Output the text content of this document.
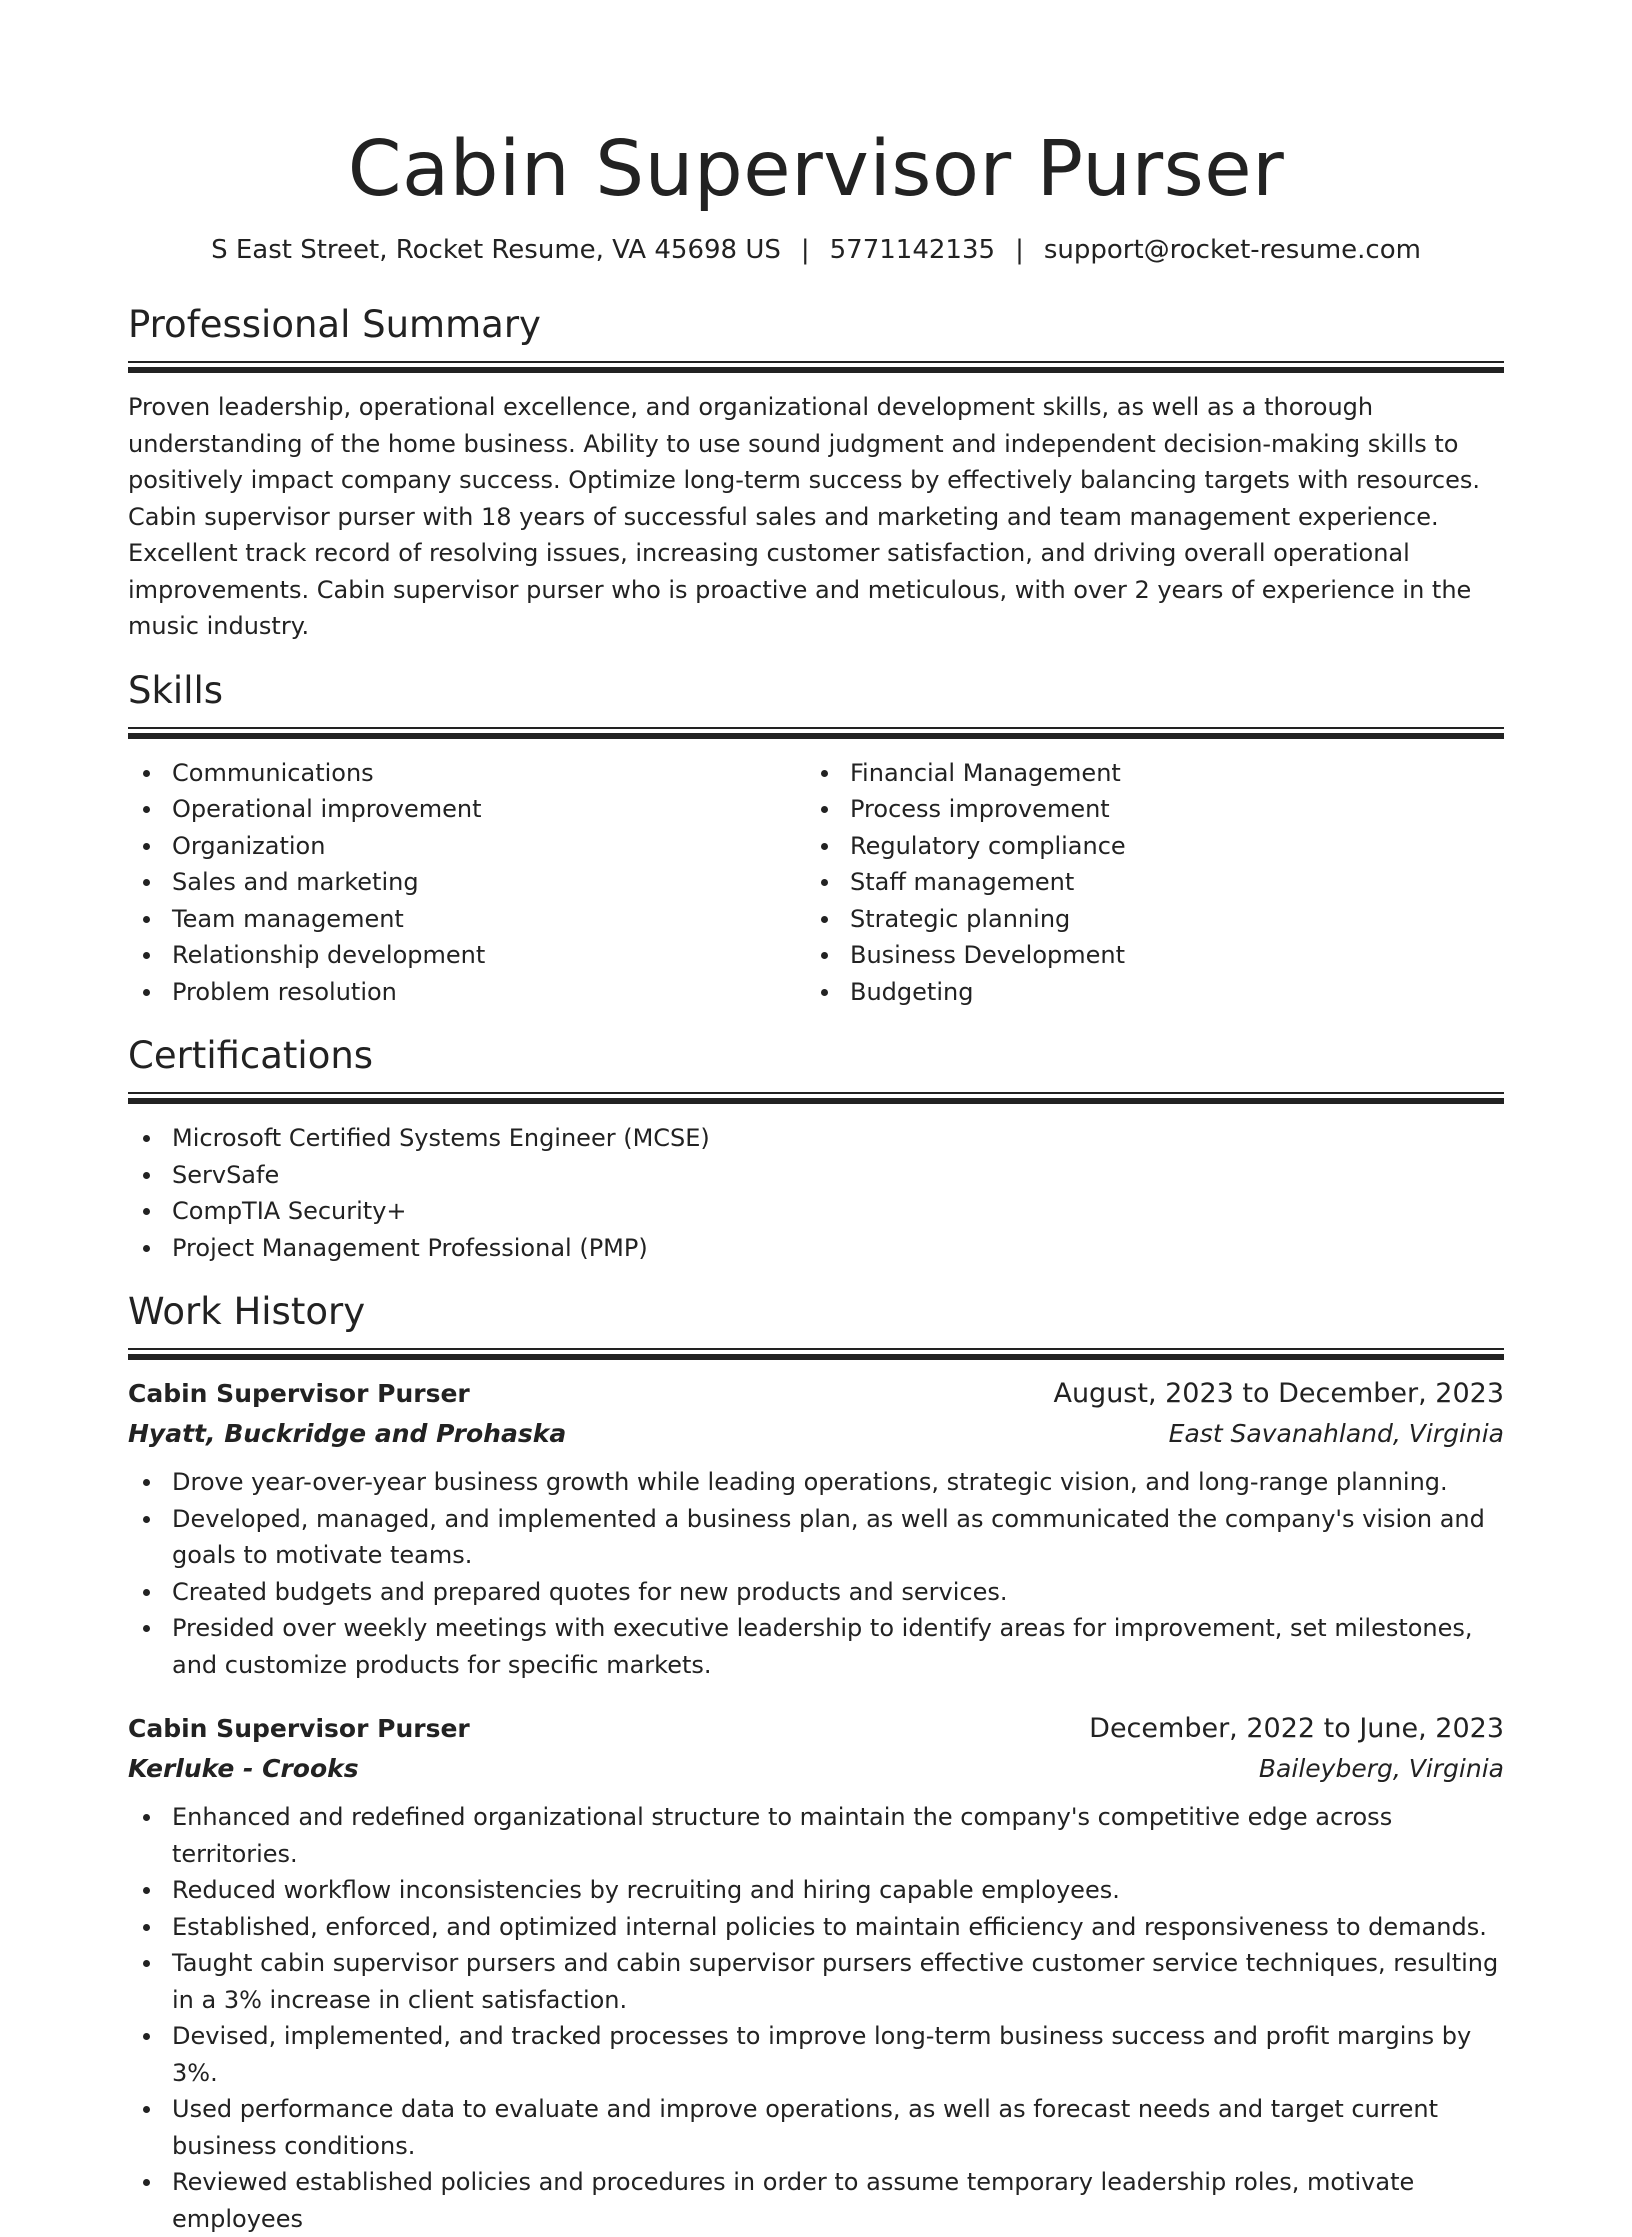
Cabin Supervisor Purser
S East Street, Rocket Resume, VA 45698 US | 5771142135 | support@rocket-resume.com
Professional Summary

Proven leadership, operational excellence, and organizational development skills, as well as a thorough understanding of the home business. Ability to use sound judgment and independent decision-making skills to positively impact company success. Optimize long-term success by effectively balancing targets with resources. Cabin supervisor purser with 18 years of successful sales and marketing and team management experience. Excellent track record of resolving issues, increasing customer satisfaction, and driving overall operational improvements. Cabin supervisor purser who is proactive and meticulous, with over 2 years of experience in the music industry.

Skills
Communications
Operational improvement
Organization
Sales and marketing
Team management
Relationship development
Problem resolution
Financial Management
Process improvement
Regulatory compliance
Staff management
Strategic planning
Business Development
Budgeting
Certifications
Microsoft Certified Systems Engineer (MCSE)
ServSafe
CompTIA Security+
Project Management Professional (PMP)
Work History
Cabin Supervisor Purser	August, 2023 to December, 2023
Hyatt, Buckridge and Prohaska	East Savanahland, Virginia
Drove year-over-year business growth while leading operations, strategic vision, and long-range planning.
Developed, managed, and implemented a business plan, as well as communicated the company's vision and goals to motivate teams.
Created budgets and prepared quotes for new products and services.
Presided over weekly meetings with executive leadership to identify areas for improvement, set milestones, and customize products for specific markets.
Cabin Supervisor Purser	December, 2022 to June, 2023
Kerluke - Crooks	Baileyberg, Virginia
Enhanced and redefined organizational structure to maintain the company's competitive edge across territories.
Reduced workflow inconsistencies by recruiting and hiring capable employees.
Established, enforced, and optimized internal policies to maintain efficiency and responsiveness to demands.
Taught cabin supervisor pursers and cabin supervisor pursers effective customer service techniques, resulting in a 3% increase in client satisfaction.
Devised, implemented, and tracked processes to improve long-term business success and profit margins by 3%.
Used performance data to evaluate and improve operations, as well as forecast needs and target current business conditions.
Reviewed established policies and procedures in order to assume temporary leadership roles, motivate employees
